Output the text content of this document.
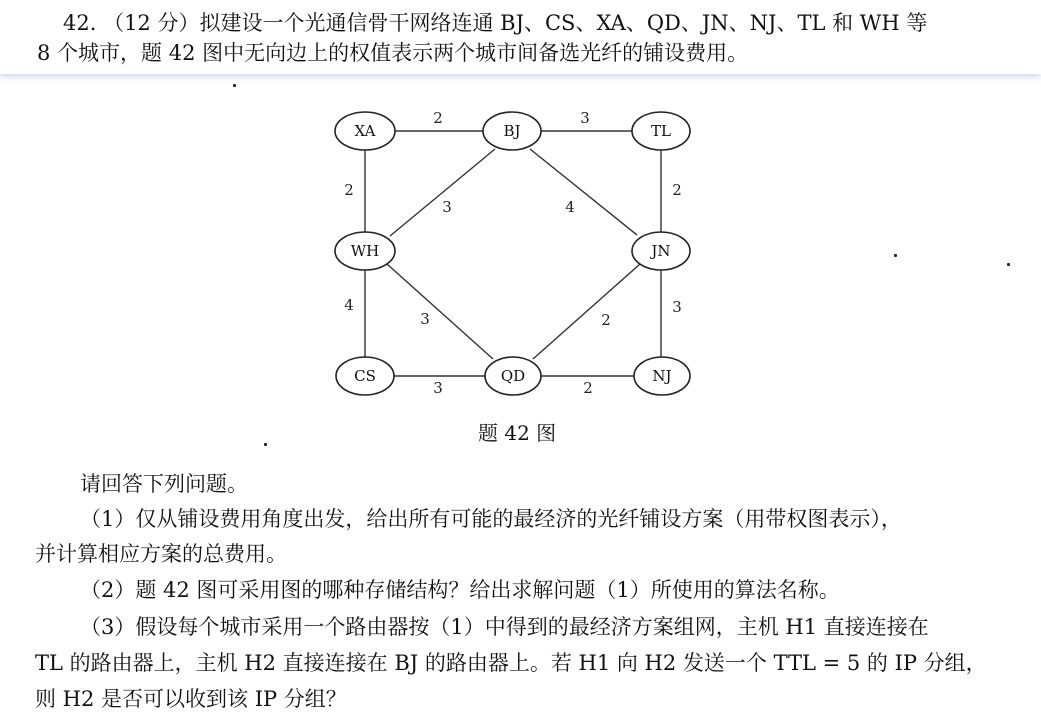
42. （12 分）拟建设一个光通信骨干网络连通 BJ、CS、XA、QD、JN、NJ、TL 和 WH 等
8 个城市，题 42 图中无向边上的权值表示两个城市间备选光纤的铺设费用。
2	3
2
3	4
2
4
3	2
3
3	2
XA	BJ	TL
WH	JN
CS	QD	NJ
题 42 图
请回答下列问题。
（1）仅从铺设费用角度出发，给出所有可能的最经济的光纤铺设方案（用带权图表示），
并计算相应方案的总费用。
（2）题 42 图可采用图的哪种存储结构？给出求解问题（1）所使用的算法名称。
（3）假设每个城市采用一个路由器按（1）中得到的最经济方案组网，主机 H1 直接连接在
TL 的路由器上，主机 H2 直接连接在 BJ 的路由器上。若 H1 向 H2 发送一个 TTL = 5 的 IP 分组，
则 H2 是否可以收到该 IP 分组？
